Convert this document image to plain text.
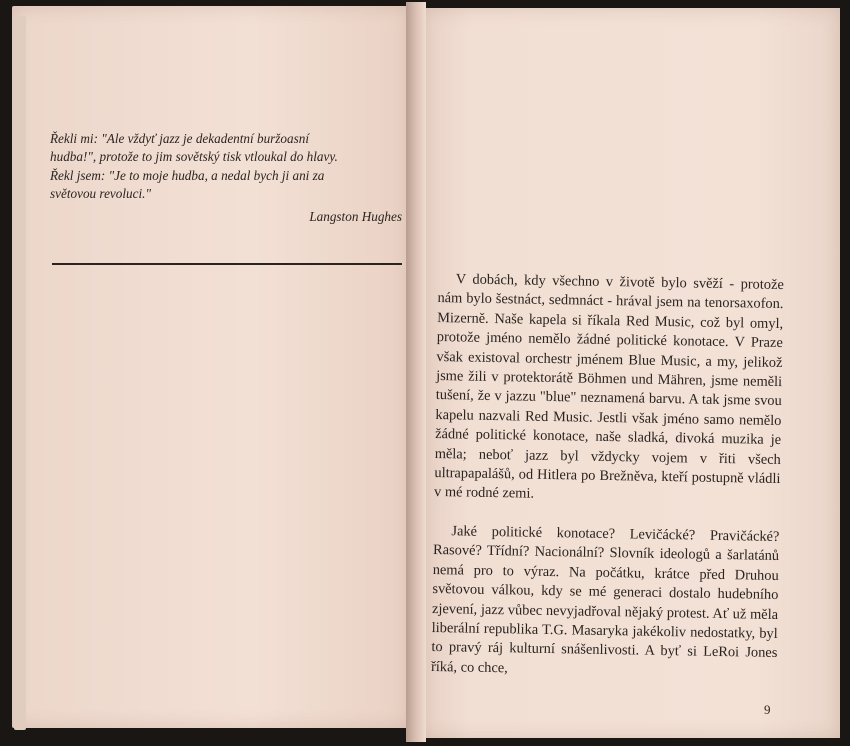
Řekli mi: "Ale vždyť jazz je dekadentní buržoasní

hudba!", protože to jim sovětský tisk vtloukal do hlavy.

Řekl jsem: "Je to moje hudba, a nedal bych ji ani za

světovou revoluci."

Langston Hughes

V dobách, kdy všechno v životě bylo svěží - protože nám bylo šestnáct, sedmnáct - hrával jsem na tenorsaxofon. Mizerně. Naše kapela si říkala Red Music, což byl omyl, protože jméno nemělo žádné politické konotace. V Praze však existoval orchestr jménem Blue Music, a my, jelikož jsme žili v protektorátě Böhmen und Mähren, jsme neměli tušení, že v jazzu "blue" neznamená barvu. A tak jsme svou kapelu nazvali Red Music. Jestli však jméno samo nemělo žádné politické konotace, naše sladká, divoká muzika je měla; neboť jazz byl vždycky vojem v řiti všech ultrapapalášů, od Hitlera po Brežněva, kteří postupně vládli v mé rodné zemi.

Jaké politické konotace? Levičácké? Pravičácké? Rasové? Třídní? Nacionální? Slovník ideologů a šarlatánů nemá pro to výraz. Na počátku, krátce před Druhou světovou válkou, kdy se mé generaci dostalo hudebního zjevení, jazz vůbec nevyjadřoval nějaký protest. Ať už měla liberální republika T.G. Masaryka jakékoliv nedostatky, byl to pravý ráj kulturní snášenlivosti. A byť si LeRoi Jones říká, co chce,

9
